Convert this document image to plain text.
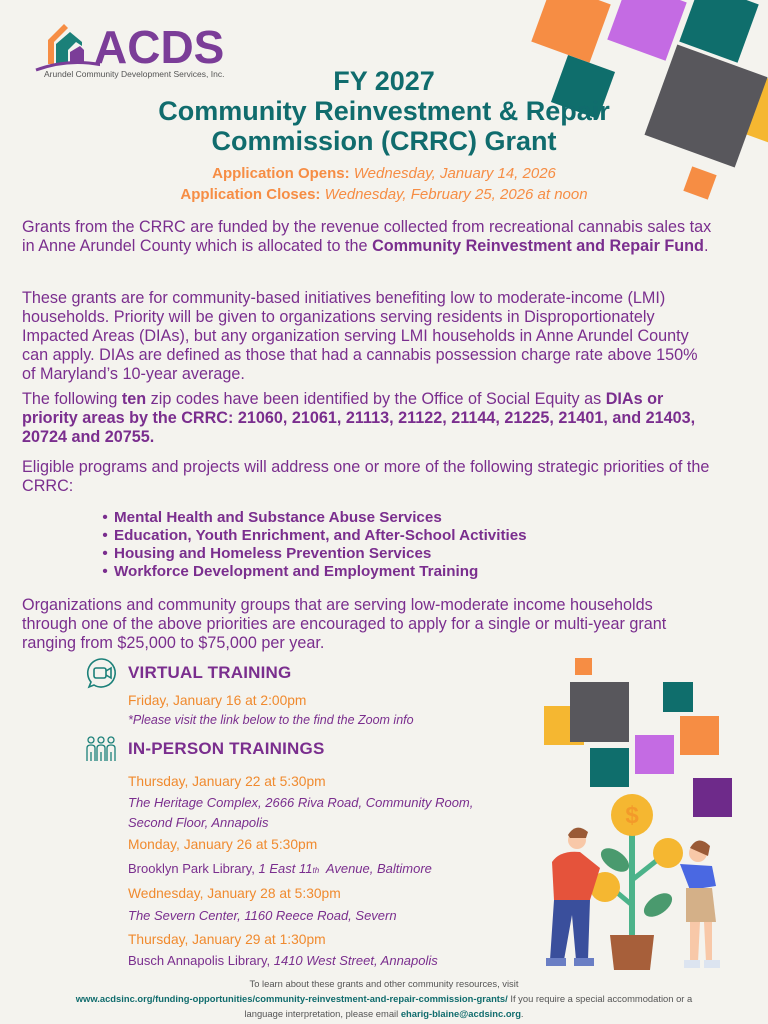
ACDS
Arundel Community Development Services, Inc.	FY 2027
Community Reinvestment & Repair
Commission (CRRC) Grant
Application Opens: Wednesday, January 14, 2026
Application Closes: Wednesday, February 25, 2026 at noon
Grants from the CRRC are funded by the revenue collected from recreational cannabis sales tax in Anne Arundel County which is allocated to the Community Reinvestment and Repair Fund.
These grants are for community-based initiatives benefiting low to moderate-income (LMI) households. Priority will be given to organizations serving residents in Disproportionately Impacted Areas (DIAs), but any organization serving LMI households in Anne Arundel County can apply. DIAs are defined as those that had a cannabis possession charge rate above 150% of Maryland’s 10-year average.
The following ten zip codes have been identified by the Office of Social Equity as DIAs or priority areas by the CRRC: 21060, 21061, 21113, 21122, 21144, 21225, 21401, and 21403, 20724 and 20755.
Eligible programs and projects will address one or more of the following strategic priorities of the CRRC:
• Mental Health and Substance Abuse Services
• Education, Youth Enrichment, and After-School Activities
• Housing and Homeless Prevention Services
• Workforce Development and Employment Training
Organizations and community groups that are serving low-moderate income households through one of the above priorities are encouraged to apply for a single or multi-year grant ranging from $25,000 to $75,000 per year.
VIRTUAL TRAINING
Friday, January 16 at 2:00pm
*Please visit the link below to the find the Zoom info
IN-PERSON TRAININGS
Thursday, January 22 at 5:30pm
The Heritage Complex, 2666 Riva Road, Community Room,
Second Floor, Annapolis
Monday, January 26 at 5:30pm
Brooklyn Park Library, 1 East 11th  Avenue, Baltimore
Wednesday, January 28 at 5:30pm
The Severn Center, 1160 Reece Road, Severn
Thursday, January 29 at 1:30pm
Busch Annapolis Library, 1410 West Street, Annapolis
$
To learn about these grants and other community resources, visit
www.acdsinc.org/funding-opportunities/community-reinvestment-and-repair-commission-grants/ If you require a special accommodation or a language interpretation, please email eharig-blaine@acdsinc.org.
